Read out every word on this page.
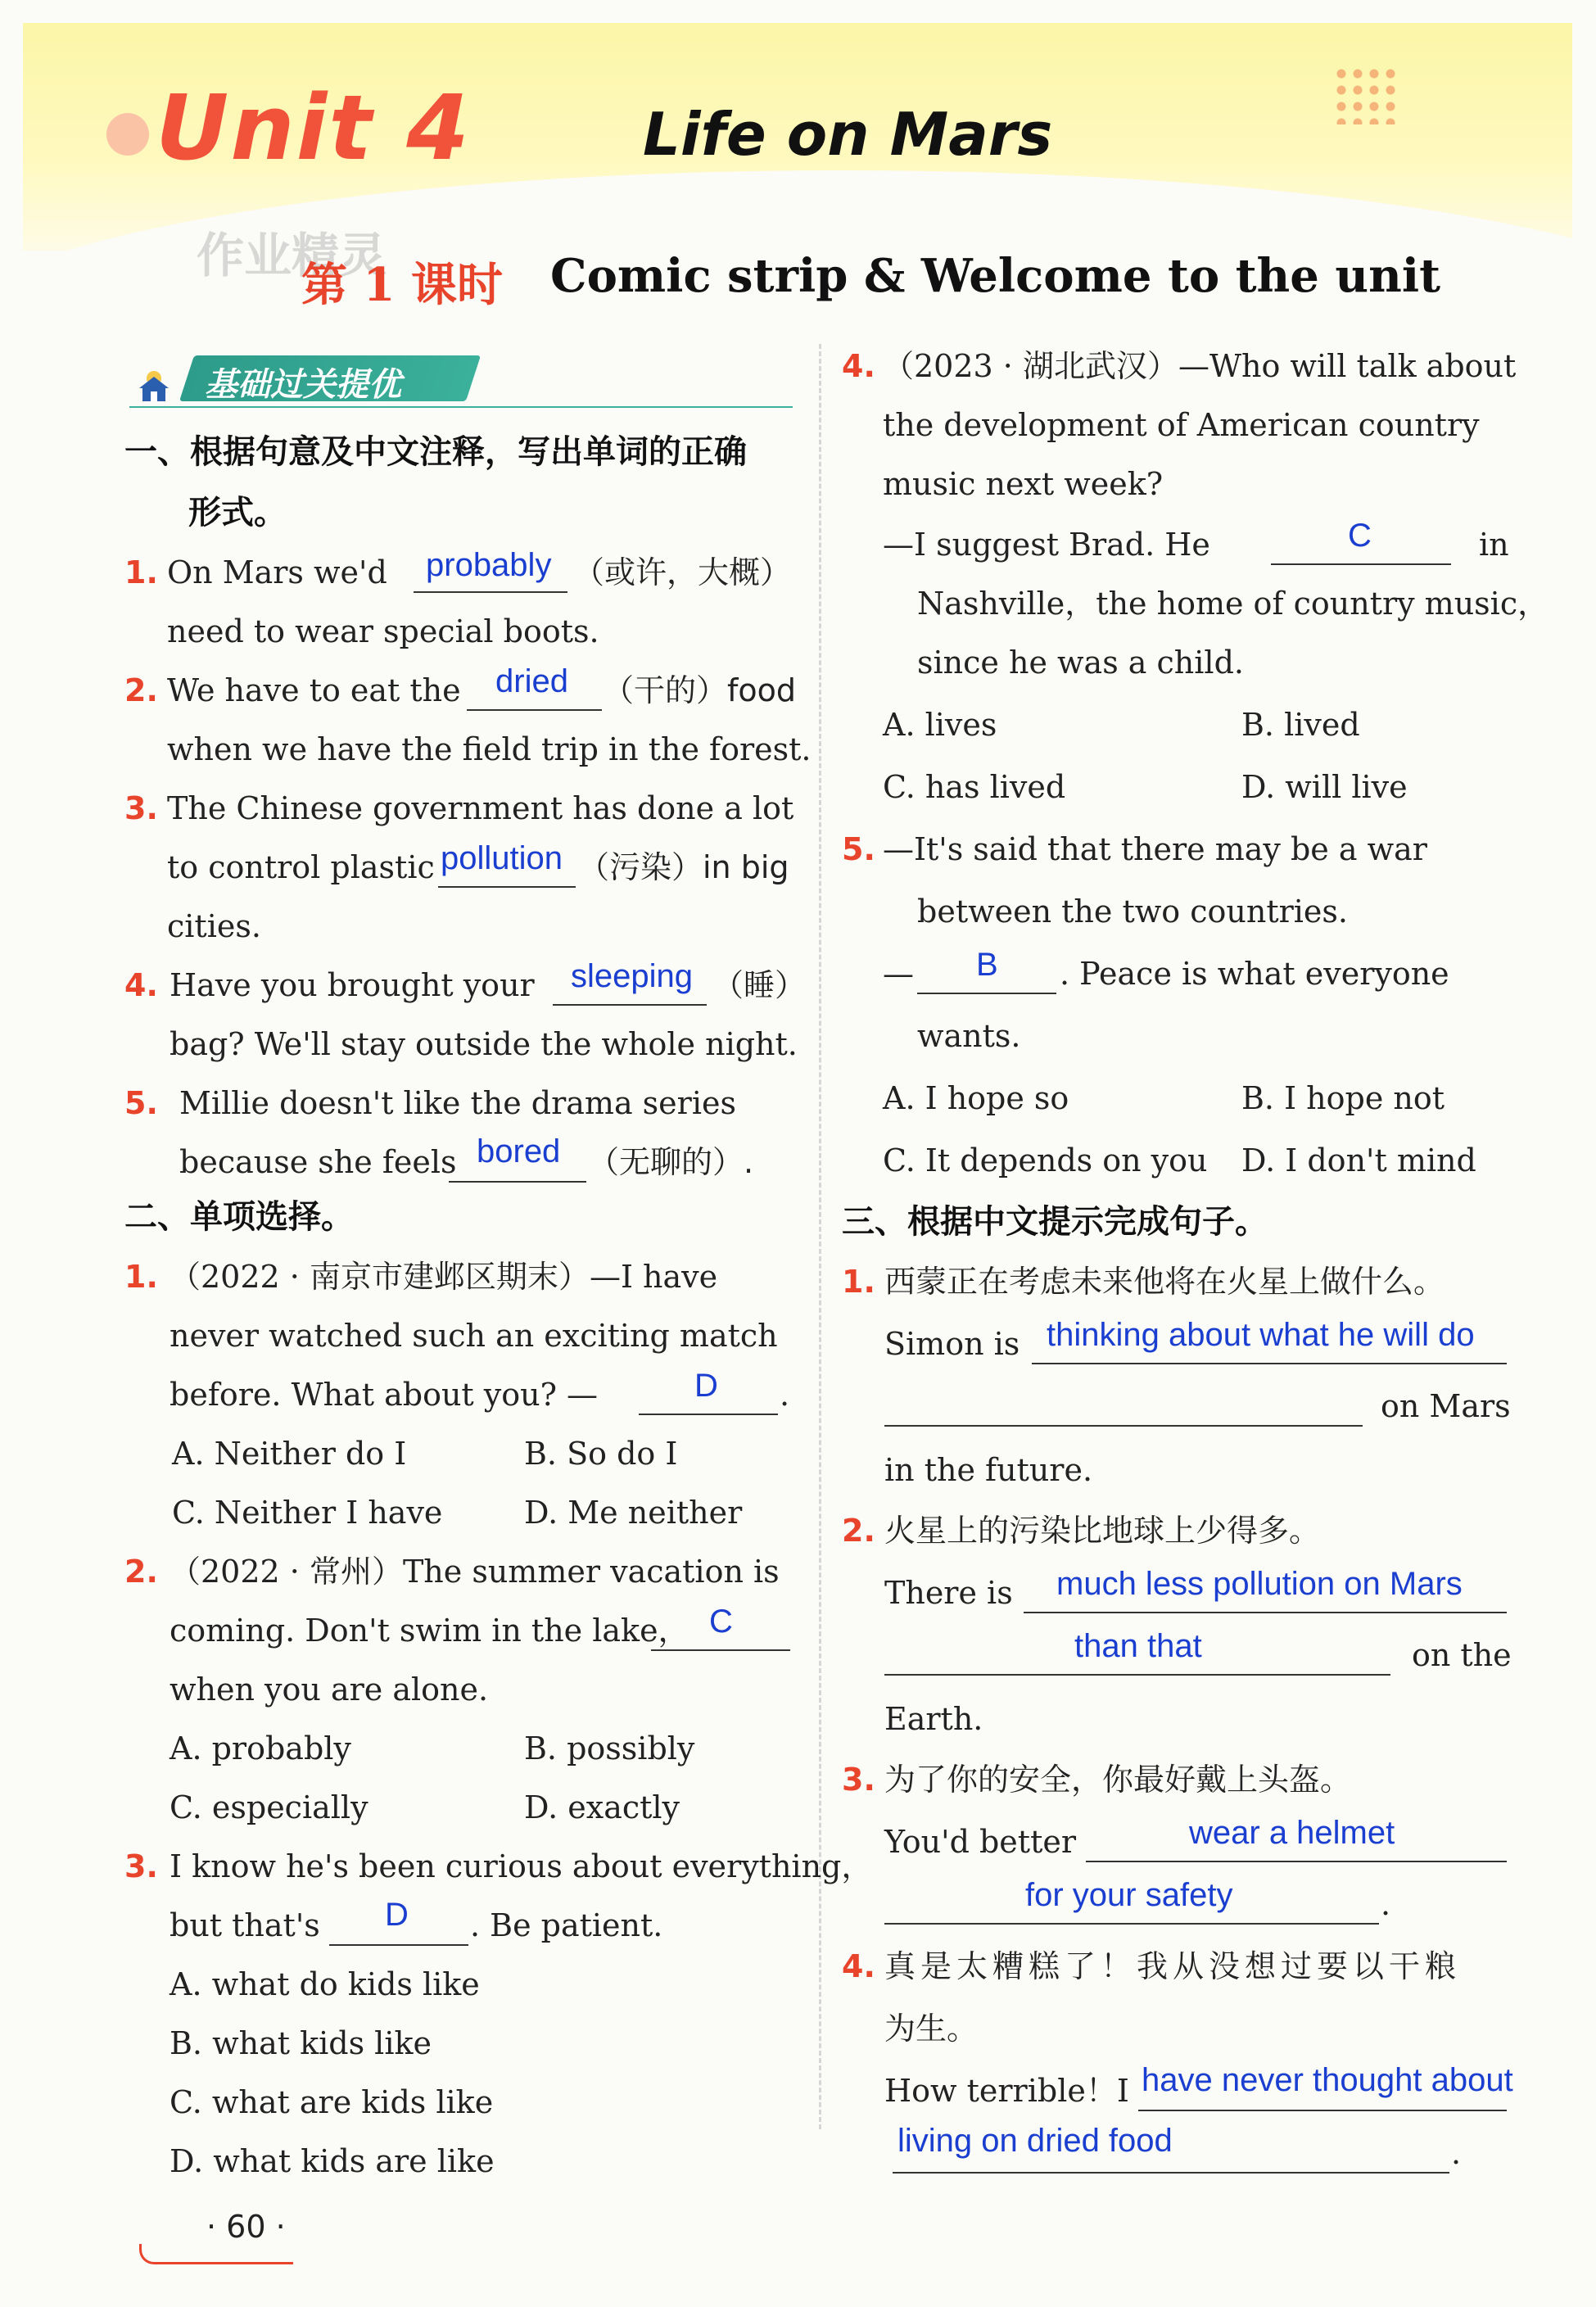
Unit 4	Life on Mars
作业精灵
第 1 课时 Comic strip & Welcome to the unit
基础过关提优
一、根据句意及中文注释，写出单词的正确
形式。
1. On Mars we'd probably （或许，大概）
need to wear special boots.
2. We have to eat the dried （干的）food
when we have the field trip in the forest.
3. The Chinese government has done a lot
to control plastic pollution （污染）in big
cities.
4. Have you brought your sleeping （睡）
bag? We'll stay outside the whole night.
5. Millie doesn't like the drama series
because she feels bored （无聊的）.
二、单项选择。
1. （2022 · 南京市建邺区期末）—I have
never watched such an exciting match
before. What about you? —	D .
A. Neither do I	B. So do I
C. Neither I have	D. Me neither
2. （2022 · 常州）The summer vacation is
coming. Don't swim in the lake， C
when you are alone.
A. probably	B. possibly
C. especially	D. exactly
3. I know he's been curious about everything，
but that's D . Be patient.
A. what do kids like
B. what kids like
C. what are kids like
D. what kids are like
4. （2023 · 湖北武汉）—Who will talk about
the development of American country
music next week?
—I suggest Brad. He	C	in
Nashville，the home of country music，
since he was a child.
A. lives	B. lived
C. has lived	D. will live
5. —It's said that there may be a war
between the two countries.
— B . Peace is what everyone
wants.
A. I hope so	B. I hope not
C. It depends on you D. I don't mind
三、根据中文提示完成句子。
1. 西蒙正在考虑未来他将在火星上做什么。
Simon is thinking about what he will do
on Mars
in the future.
2. 火星上的污染比地球上少得多。
There is much less pollution on Mars
than that	on the
Earth.
3. 为了你的安全，你最好戴上头盔。
You'd better	wear a helmet
for your safety	.
4. 真是太糟糕了！我从没想过要以干粮
为生。
How terrible！I have never thought about
living on dried food	.
· 60 ·
